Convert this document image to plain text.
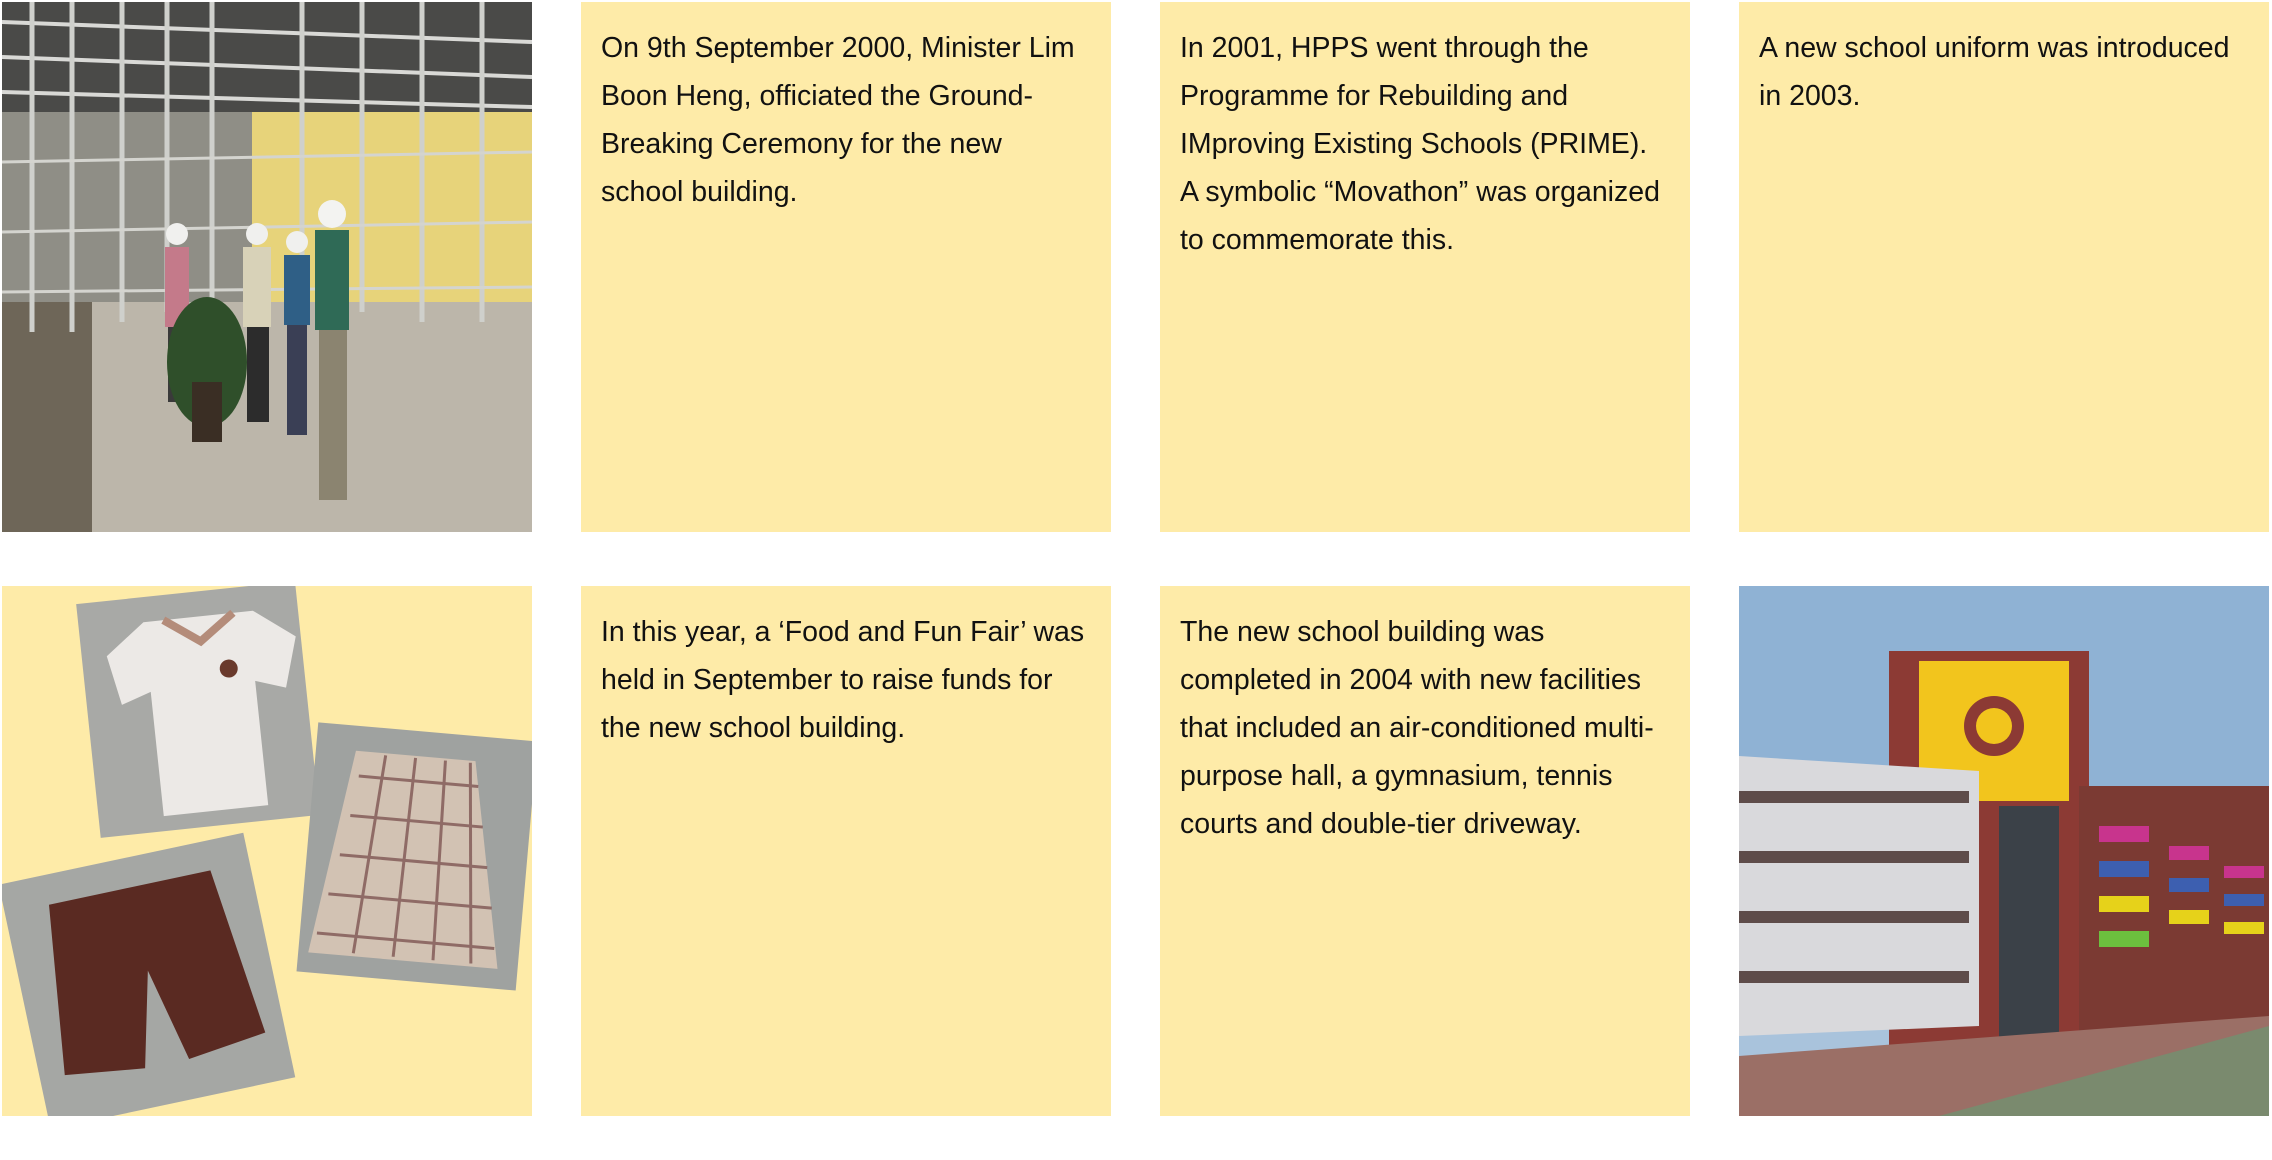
On 9th September 2000, Minister Lim Boon Heng, officiated the Ground-Breaking Ceremony for the new school building.

In 2001, HPPS went through the Programme for Rebuilding and IMproving Existing Schools (PRIME). A symbolic “Movathon” was organized to commemorate this.

A new school uniform was introduced in 2003.

In this year, a ‘Food and Fun Fair’ was held in September to raise funds for the new school building.

The new school building was completed in 2004 with new facilities that included an air-conditioned multi-purpose hall, a gymnasium, tennis courts and double-tier driveway.
